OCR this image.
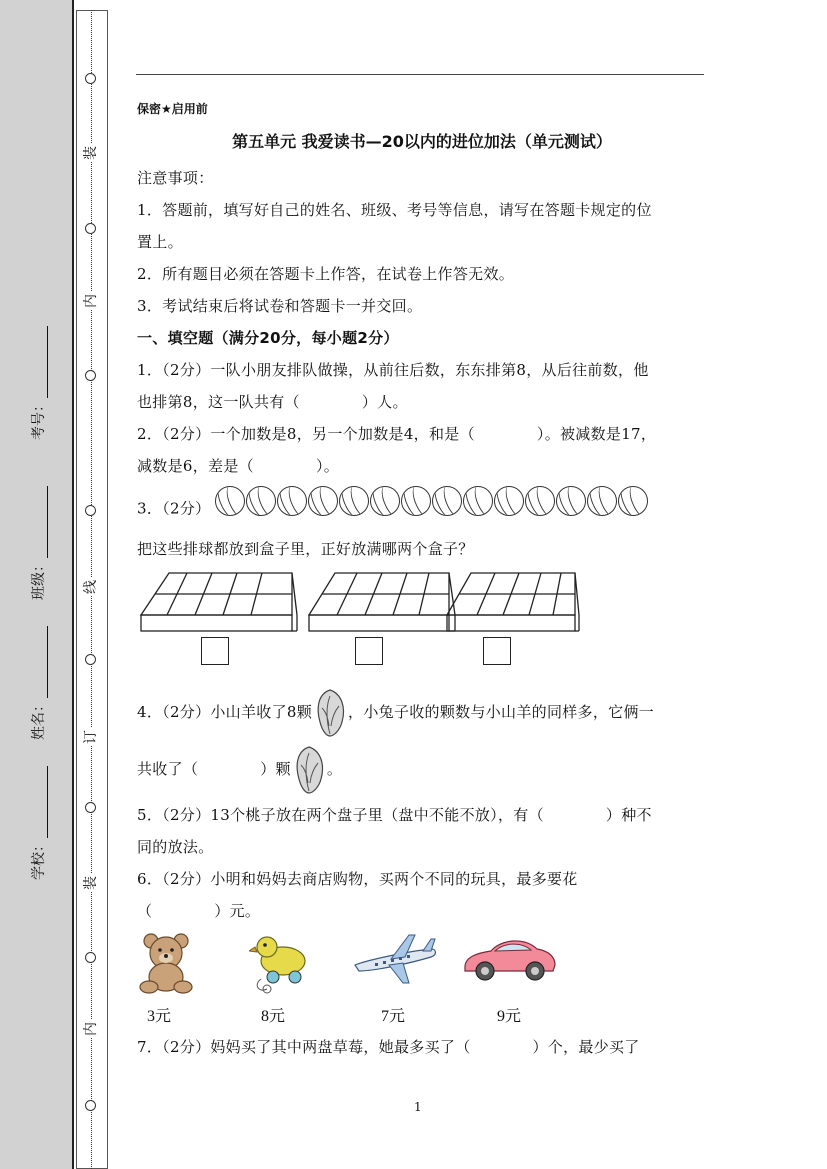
装
内
线
订
装
内
考号：
班级：
姓名：
学校：
保密★启用前
第五单元 我爱读书—20以内的进位加法（单元测试）

注意事项：

1．答题前，填写好自己的姓名、班级、考号等信息，请写在答题卡规定的位

置上。

2．所有题目必须在答题卡上作答，在试卷上作答无效。

3．考试结束后将试卷和答题卡一并交回。

一、填空题（满分20分，每小题2分）

1．（2分）一队小朋友排队做操，从前往后数，东东排第8，从后往前数，他

也排第8，这一队共有（	）人。

2．（2分）一个加数是8，另一个加数是4，和是（	）。被减数是17，

减数是6，差是（	）。

3．（2分）

把这些排球都放到盒子里，正好放满哪两个盒子？

4．（2分）小山羊收了8颗 ，小兔子收的颗数与小山羊的同样多，它俩一

共收了（	）颗 。

5．（2分）13个桃子放在两个盘子里（盘中不能不放），有（	）种不

同的放法。

6．（2分）小明和妈妈去商店购物，买两个不同的玩具，最多要花

（	）元。

3元	8元	7元	9元

7．（2分）妈妈买了其中两盘草莓，她最多买了（	）个，最少买了

1
